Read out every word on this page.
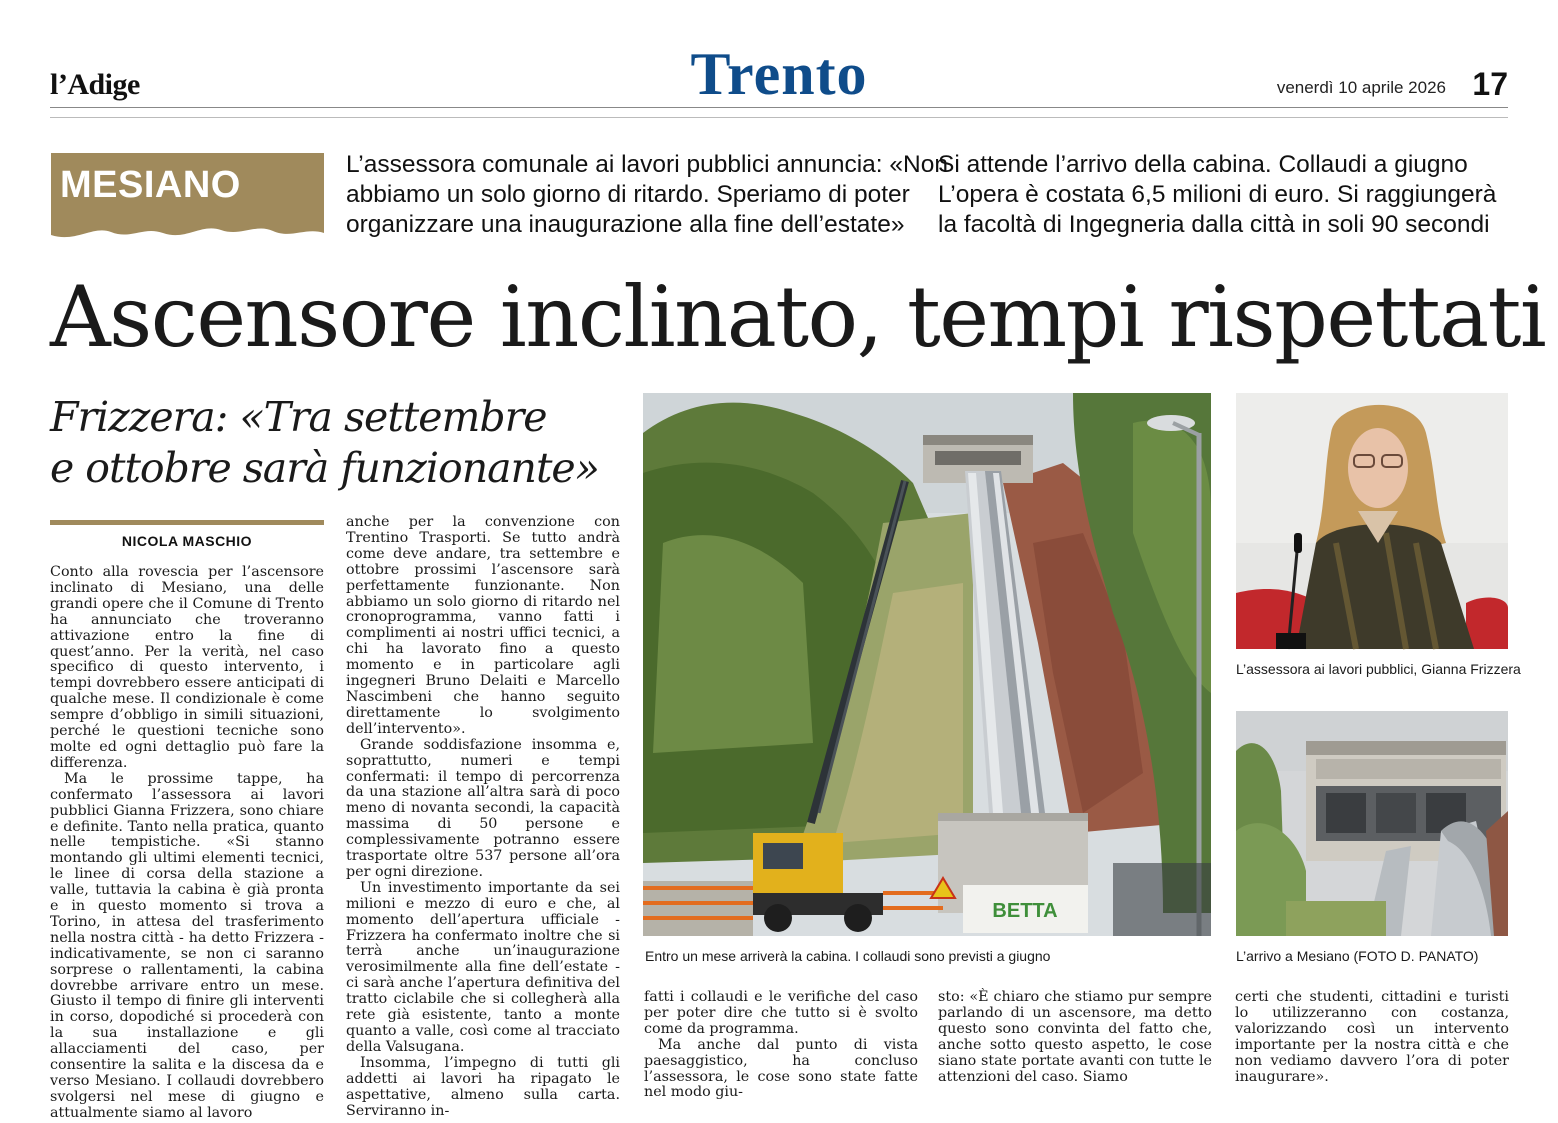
l’Adige	Trento	venerdì 10 aprile 2026 17
MESIANO	L’assessora comunale ai lavori pubblici annuncia: «Non
abbiamo un solo giorno di ritardo. Speriamo di poter
organizzare una inaugurazione alla fine dell’estate»
Si attende l’arrivo della cabina. Collaudi a giugno
L’opera è costata 6,5 milioni di euro. Si raggiungerà
la facoltà di Ingegneria dalla città in soli 90 secondi
Ascensore inclinato, tempi rispettati
Frizzera: «Tra settembre
e ottobre sarà funzionante»
NICOLA MASCHIO

Conto alla rovescia per l’ascensore inclinato di Mesiano, una delle grandi opere che il Comune di Trento ha annunciato che troveranno attivazione entro la fine di quest’anno. Per la verità, nel caso specifico di questo intervento, i tempi dovrebbero essere anticipati di qualche mese. Il condizionale è come sempre d’obbligo in simili situazioni, perché le questioni tecniche sono molte ed ogni dettaglio può fare la differenza.

Ma le prossime tappe, ha confermato l’assessora ai lavori pubblici Gianna Frizzera, sono chiare e definite. Tanto nella pratica, quanto nelle tempistiche. «Si stanno montando gli ultimi elementi tecnici, le linee di corsa della stazione a valle, tuttavia la cabina è già pronta e in questo momento si trova a Torino, in attesa del trasferimento nella nostra città - ha detto Frizzera - indicativamente, se non ci saranno sorprese o rallentamenti, la cabina dovrebbe arrivare entro un mese. Giusto il tempo di finire gli interventi in corso, dopodiché si procederà con la sua installazione e gli allacciamenti del caso, per consentire la salita e la discesa da e verso Mesiano. I collaudi dovrebbero svolgersi nel mese di giugno e attualmente siamo al lavoro

anche per la convenzione con Trentino Trasporti. Se tutto andrà come deve andare, tra settembre e ottobre prossimi l’ascensore sarà perfettamente funzionante. Non abbiamo un solo giorno di ritardo nel cronoprogramma, vanno fatti i complimenti ai nostri uffici tecnici, a chi ha lavorato fino a questo momento e in particolare agli ingegneri Bruno Delaiti e Marcello Nascimbeni che hanno seguito direttamente lo svolgimento dell’intervento».

Grande soddisfazione insomma e, soprattutto, numeri e tempi confermati: il tempo di percorrenza da una stazione all’altra sarà di poco meno di novanta secondi, la capacità massima di 50 persone e complessivamente potranno essere trasportate oltre 537 persone all’ora per ogni direzione.

Un investimento importante da sei milioni e mezzo di euro e che, al momento dell’apertura ufficiale - Frizzera ha confermato inoltre che si terrà anche un’inaugurazione verosimilmente alla fine dell’estate - ci sarà anche l’apertura definitiva del tratto ciclabile che si collegherà alla rete già esistente, tanto a monte quanto a valle, così come al tracciato della Valsugana.

Insomma, l’impegno di tutti gli addetti ai lavori ha ripagato le aspettative, almeno sulla carta. Serviranno in-

fatti i collaudi e le verifiche del caso per poter dire che tutto si è svolto come da programma.

Ma anche dal punto di vista paesaggistico, ha concluso l’assessora, le cose sono state fatte nel modo giu-

sto: «È chiaro che stiamo pur sempre parlando di un ascensore, ma detto questo sono convinta del fatto che, anche sotto questo aspetto, le cose siano state portate avanti con tutte le attenzioni del caso. Siamo

certi che studenti, cittadini e turisti lo utilizzeranno con costanza, valorizzando così un intervento importante per la nostra città e che non vediamo davvero l’ora di poter inaugurare».

BETTA
Entro un mese arriverà la cabina. I collaudi sono previsti a giugno
L’assessora ai lavori pubblici, Gianna Frizzera
L’arrivo a Mesiano (FOTO D. PANATO)
